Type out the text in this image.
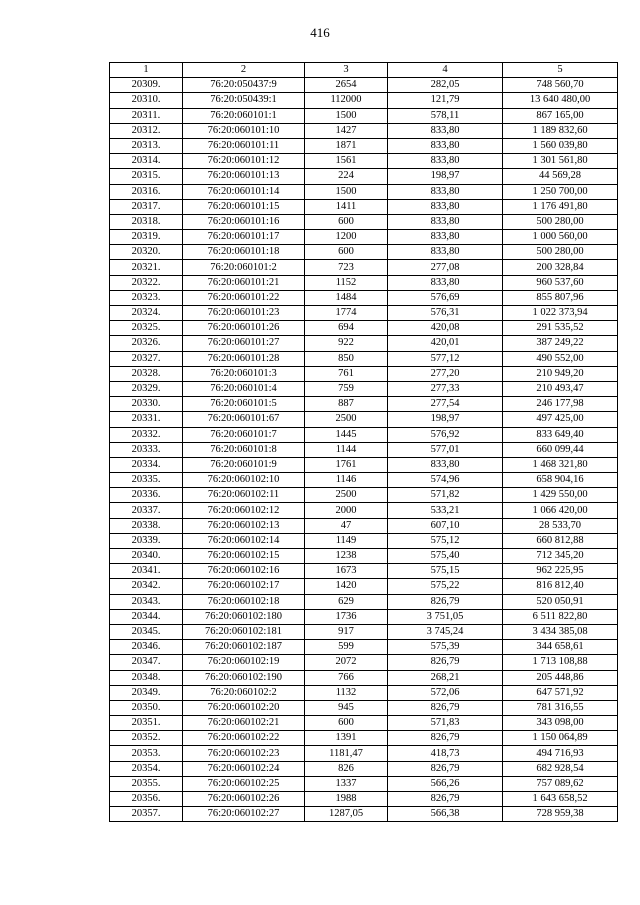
416
1	2	3	4	5
20309.	76:20:050437:9	2654	282,05	748 560,70
20310.	76:20:050439:1	112000	121,79	13 640 480,00
20311.	76:20:060101:1	1500	578,11	867 165,00
20312.	76:20:060101:10	1427	833,80	1 189 832,60
20313.	76:20:060101:11	1871	833,80	1 560 039,80
20314.	76:20:060101:12	1561	833,80	1 301 561,80
20315.	76:20:060101:13	224	198,97	44 569,28
20316.	76:20:060101:14	1500	833,80	1 250 700,00
20317.	76:20:060101:15	1411	833,80	1 176 491,80
20318.	76:20:060101:16	600	833,80	500 280,00
20319.	76:20:060101:17	1200	833,80	1 000 560,00
20320.	76:20:060101:18	600	833,80	500 280,00
20321.	76:20:060101:2	723	277,08	200 328,84
20322.	76:20:060101:21	1152	833,80	960 537,60
20323.	76:20:060101:22	1484	576,69	855 807,96
20324.	76:20:060101:23	1774	576,31	1 022 373,94
20325.	76:20:060101:26	694	420,08	291 535,52
20326.	76:20:060101:27	922	420,01	387 249,22
20327.	76:20:060101:28	850	577,12	490 552,00
20328.	76:20:060101:3	761	277,20	210 949,20
20329.	76:20:060101:4	759	277,33	210 493,47
20330.	76:20:060101:5	887	277,54	246 177,98
20331.	76:20:060101:67	2500	198,97	497 425,00
20332.	76:20:060101:7	1445	576,92	833 649,40
20333.	76:20:060101:8	1144	577,01	660 099,44
20334.	76:20:060101:9	1761	833,80	1 468 321,80
20335.	76:20:060102:10	1146	574,96	658 904,16
20336.	76:20:060102:11	2500	571,82	1 429 550,00
20337.	76:20:060102:12	2000	533,21	1 066 420,00
20338.	76:20:060102:13	47	607,10	28 533,70
20339.	76:20:060102:14	1149	575,12	660 812,88
20340.	76:20:060102:15	1238	575,40	712 345,20
20341.	76:20:060102:16	1673	575,15	962 225,95
20342.	76:20:060102:17	1420	575,22	816 812,40
20343.	76:20:060102:18	629	826,79	520 050,91
20344.	76:20:060102:180	1736	3 751,05	6 511 822,80
20345.	76:20:060102:181	917	3 745,24	3 434 385,08
20346.	76:20:060102:187	599	575,39	344 658,61
20347.	76:20:060102:19	2072	826,79	1 713 108,88
20348.	76:20:060102:190	766	268,21	205 448,86
20349.	76:20:060102:2	1132	572,06	647 571,92
20350.	76:20:060102:20	945	826,79	781 316,55
20351.	76:20:060102:21	600	571,83	343 098,00
20352.	76:20:060102:22	1391	826,79	1 150 064,89
20353.	76:20:060102:23	1181,47	418,73	494 716,93
20354.	76:20:060102:24	826	826,79	682 928,54
20355.	76:20:060102:25	1337	566,26	757 089,62
20356.	76:20:060102:26	1988	826,79	1 643 658,52
20357.	76:20:060102:27	1287,05	566,38	728 959,38
